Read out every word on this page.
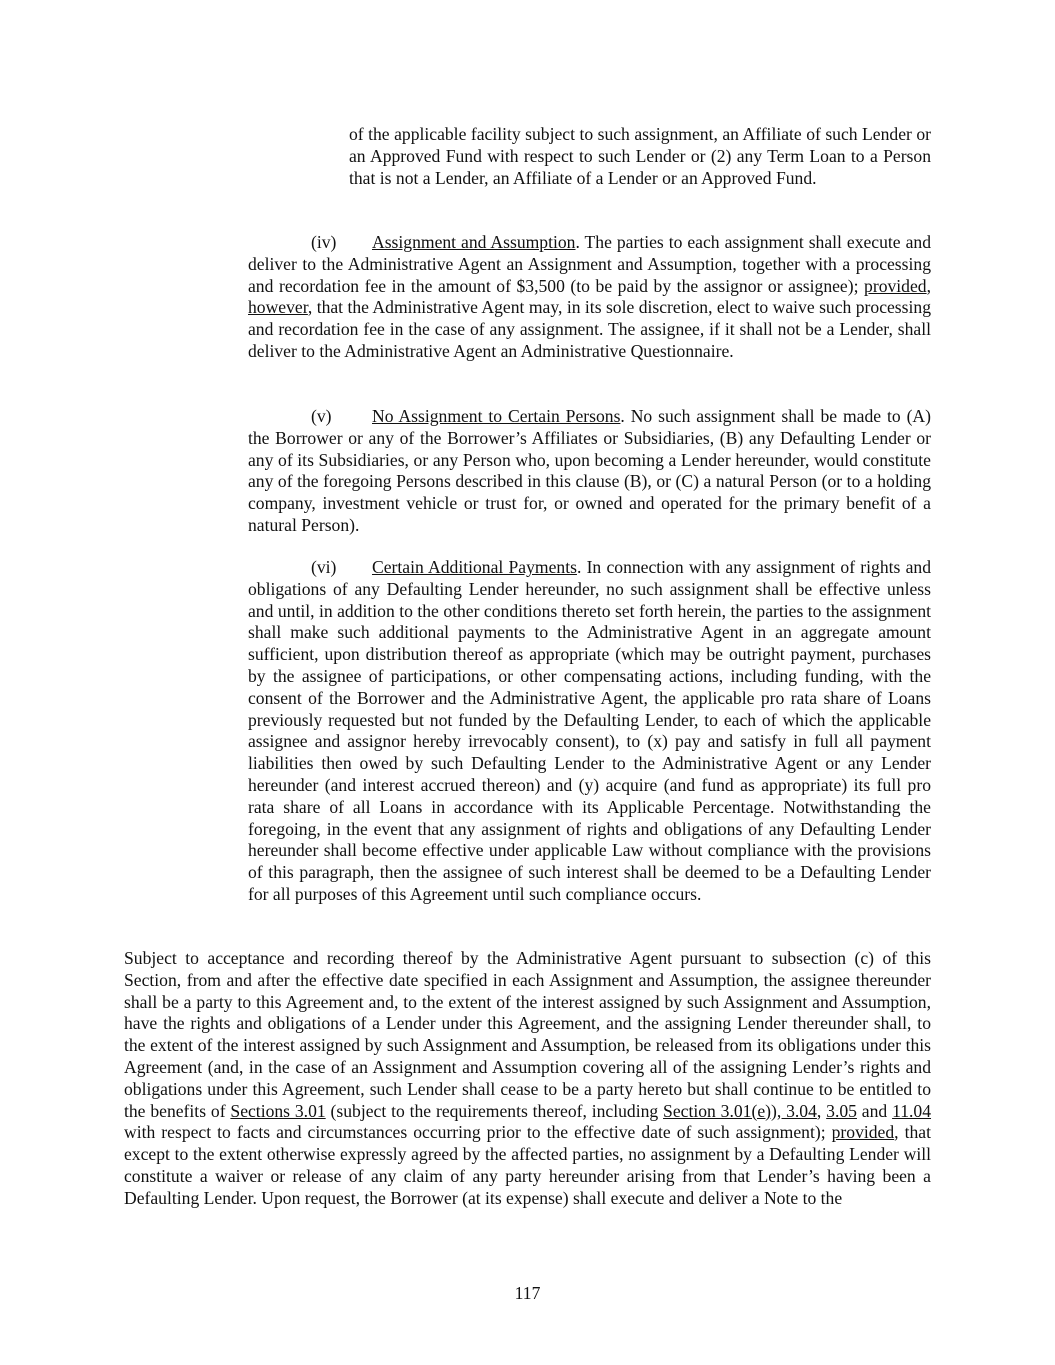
of the applicable facility subject to such assignment, an Affiliate of such Lender or an Approved Fund with respect to such Lender or (2) any Term Loan to a Person that is not a Lender, an Affiliate of a Lender or an Approved Fund.

(iv) Assignment and Assumption. The parties to each assignment shall execute and deliver to the Administrative Agent an Assignment and Assumption, together with a processing and recordation fee in the amount of $3,500 (to be paid by the assignor or assignee); provided, however, that the Administrative Agent may, in its sole discretion, elect to waive such processing and recordation fee in the case of any assignment. The assignee, if it shall not be a Lender, shall deliver to the Administrative Agent an Administrative Questionnaire.

(v) No Assignment to Certain Persons. No such assignment shall be made to (A) the Borrower or any of the Borrower’s Affiliates or Subsidiaries, (B) any Defaulting Lender or any of its Subsidiaries, or any Person who, upon becoming a Lender hereunder, would constitute any of the foregoing Persons described in this clause (B), or (C) a natural Person (or to a holding company, investment vehicle or trust for, or owned and operated for the primary benefit of a natural Person).

(vi) Certain Additional Payments. In connection with any assignment of rights and obligations of any Defaulting Lender hereunder, no such assignment shall be effective unless and until, in addition to the other conditions thereto set forth herein, the parties to the assignment shall make such additional payments to the Administrative Agent in an aggregate amount sufficient, upon distribution thereof as appropriate (which may be outright payment, purchases by the assignee of participations, or other compensating actions, including funding, with the consent of the Borrower and the Administrative Agent, the applicable pro rata share of Loans previously requested but not funded by the Defaulting Lender, to each of which the applicable assignee and assignor hereby irrevocably consent), to (x) pay and satisfy in full all payment liabilities then owed by such Defaulting Lender to the Administrative Agent or any Lender hereunder (and interest accrued thereon) and (y) acquire (and fund as appropriate) its full pro rata share of all Loans in accordance with its Applicable Percentage. Notwithstanding the foregoing, in the event that any assignment of rights and obligations of any Defaulting Lender hereunder shall become effective under applicable Law without compliance with the provisions of this paragraph, then the assignee of such interest shall be deemed to be a Defaulting Lender for all purposes of this Agreement until such compliance occurs.

Subject to acceptance and recording thereof by the Administrative Agent pursuant to subsection (c) of this Section, from and after the effective date specified in each Assignment and Assumption, the assignee thereunder shall be a party to this Agreement and, to the extent of the interest assigned by such Assignment and Assumption, have the rights and obligations of a Lender under this Agreement, and the assigning Lender thereunder shall, to the extent of the interest assigned by such Assignment and Assumption, be released from its obligations under this Agreement (and, in the case of an Assignment and Assumption covering all of the assigning Lender’s rights and obligations under this Agreement, such Lender shall cease to be a party hereto but shall continue to be entitled to the benefits of Sections 3.01 (subject to the requirements thereof, including Section 3.01(e)), 3.04, 3.05 and 11.04 with respect to facts and circumstances occurring prior to the effective date of such assignment); provided, that except to the extent otherwise expressly agreed by the affected parties, no assignment by a Defaulting Lender will constitute a waiver or release of any claim of any party hereunder arising from that Lender’s having been a Defaulting Lender. Upon request, the Borrower (at its expense) shall execute and deliver a Note to the

117
